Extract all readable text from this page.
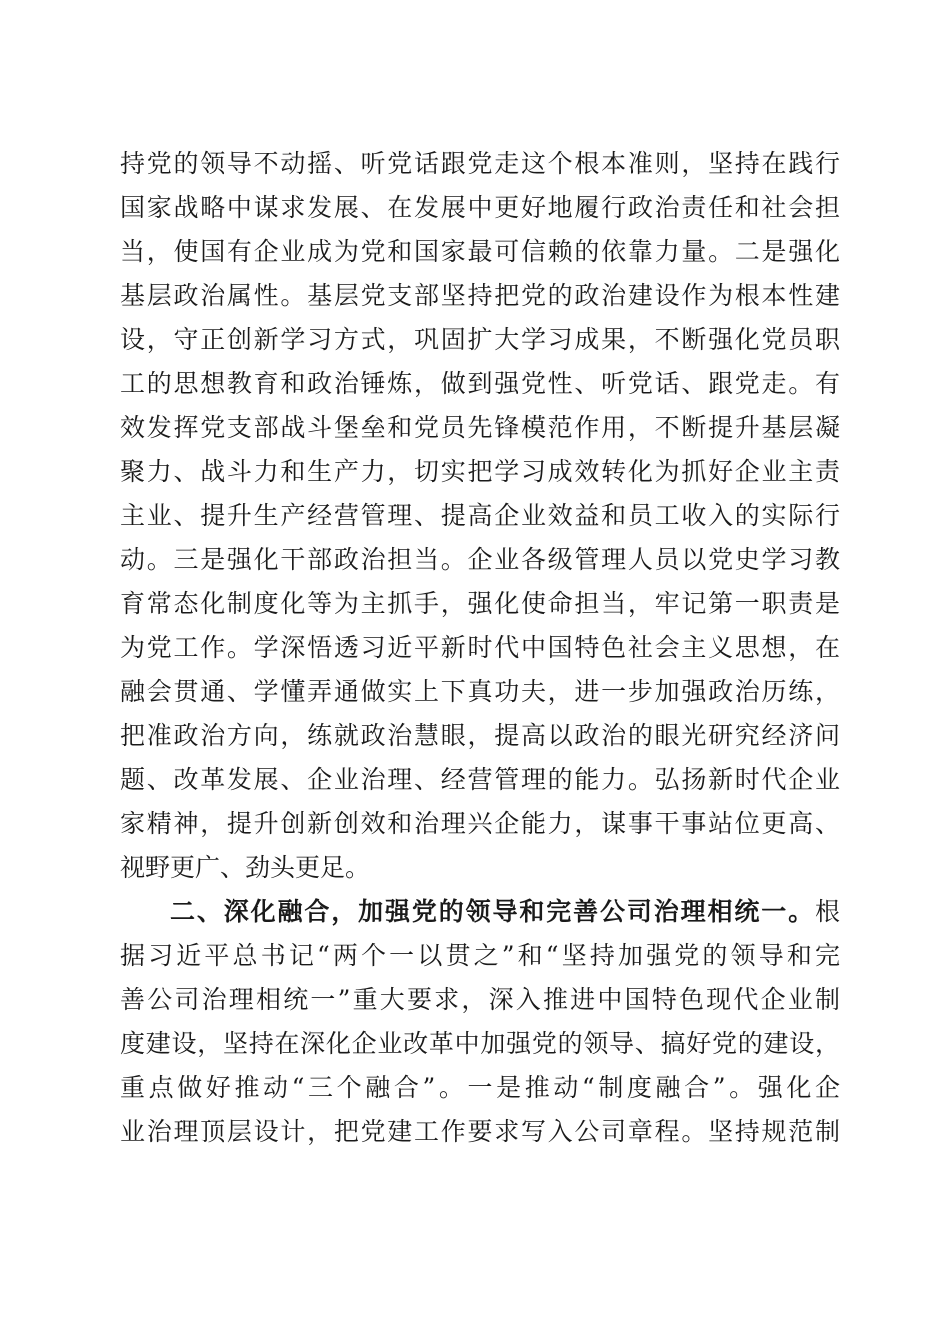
持党的领导不动摇、听党话跟党走这个根本准则，坚持在践行
国家战略中谋求发展、在发展中更好地履行政治责任和社会担
当，使国有企业成为党和国家最可信赖的依靠力量。二是强化
基层政治属性。基层党支部坚持把党的政治建设作为根本性建
设，守正创新学习方式，巩固扩大学习成果，不断强化党员职
工的思想教育和政治锤炼，做到强党性、听党话、跟党走。有
效发挥党支部战斗堡垒和党员先锋模范作用，不断提升基层凝
聚力、战斗力和生产力，切实把学习成效转化为抓好企业主责
主业、提升生产经营管理、提高企业效益和员工收入的实际行
动。三是强化干部政治担当。企业各级管理人员以党史学习教
育常态化制度化等为主抓手，强化使命担当，牢记第一职责是
为党工作。学深悟透习近平新时代中国特色社会主义思想，在
融会贯通、学懂弄通做实上下真功夫，进一步加强政治历练，
把准政治方向，练就政治慧眼，提高以政治的眼光研究经济问
题、改革发展、企业治理、经营管理的能力。弘扬新时代企业
家精神，提升创新创效和治理兴企能力，谋事干事站位更高、
视野更广、劲头更足。
二、深化融合，加强党的领导和完善公司治理相统一。根
据习近平总书记“两个一以贯之”和“坚持加强党的领导和完
善公司治理相统一”重大要求，深入推进中国特色现代企业制
度建设，坚持在深化企业改革中加强党的领导、搞好党的建设，
重点做好推动“三个融合”。一是推动“制度融合”。强化企
业治理顶层设计，把党建工作要求写入公司章程。坚持规范制
